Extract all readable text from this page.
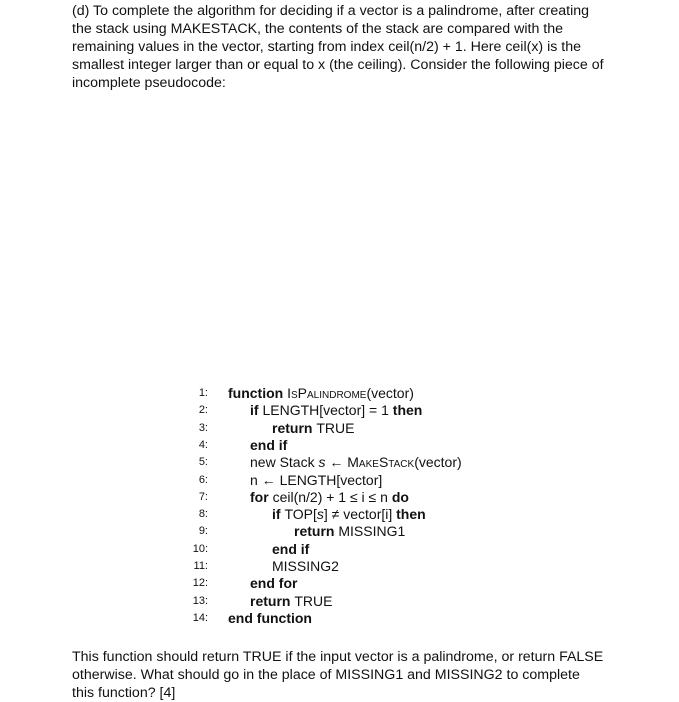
(d) To complete the algorithm for deciding if a vector is a palindrome, after creating
the stack using MAKESTACK, the contents of the stack are compared with the
remaining values in the vector, starting from index ceil(n/2) + 1. Here ceil(x) is the
smallest integer larger than or equal to x (the ceiling). Consider the following piece of
incomplete pseudocode:
1: function IsPalindrome(vector)
2:	if LENGTH[vector] = 1 then
3:	return TRUE
4:	end if
5:	new Stack s ← MakeStack(vector)
6:	n ← LENGTH[vector]
7:	for ceil(n/2) + 1 ≤ i ≤ n do
8:	if TOP[s] ≠ vector[i] then
9:	return MISSING1
10:	end if
11:	MISSING2
12:	end for
13:	return TRUE
14: end function
This function should return TRUE if the input vector is a palindrome, or return FALSE
otherwise. What should go in the place of MISSING1 and MISSING2 to complete
this function? [4]
